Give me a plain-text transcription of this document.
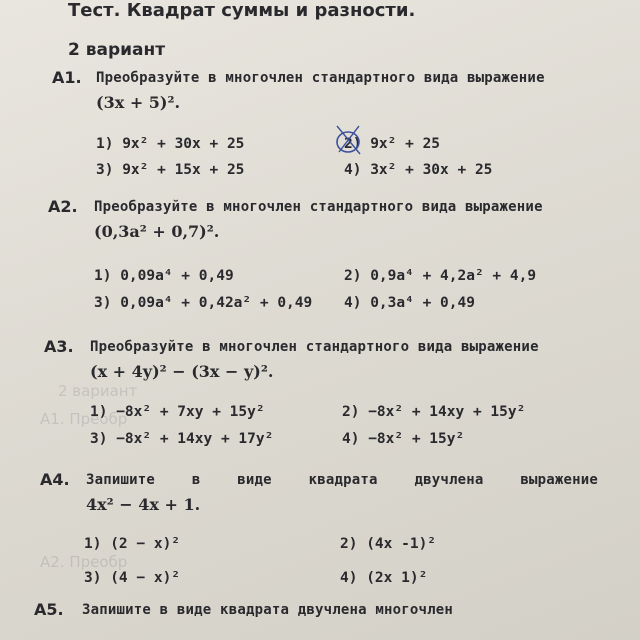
2 вариант
А1. Преобр
А2. Преобр
Тест. Квадрат суммы и разности.
2 вариант
А1. Преобразуйте в многочлен стандартного вида выражение
(3x + 5)².
1) 9x² + 30x + 25	2) 9x² + 25
3) 9x² + 15x + 25	4) 3x² + 30x + 25
А2. Преобразуйте в многочлен стандартного вида выражение
(0,3a² + 0,7)².
1) 0,09a⁴ + 0,49	2) 0,9a⁴ + 4,2a² + 4,9
3) 0,09a⁴ + 0,42a² + 0,49 4) 0,3a⁴ + 0,49
А3. Преобразуйте в многочлен стандартного вида выражение
(x + 4y)² − (3x − y)².
1) −8x² + 7xy + 15y²	2) −8x² + 14xy + 15y²
3) −8x² + 14xy + 17y²	4) −8x² + 15y²
А4. Запишите	в	виде	квадрата	двучлена	выражение
4x² − 4x + 1.
1) (2 − x)²	2) (4x -1)²
3) (4 − x)²	4) (2x 1)²
А5. Запишите в виде квадрата двучлена многочлен
